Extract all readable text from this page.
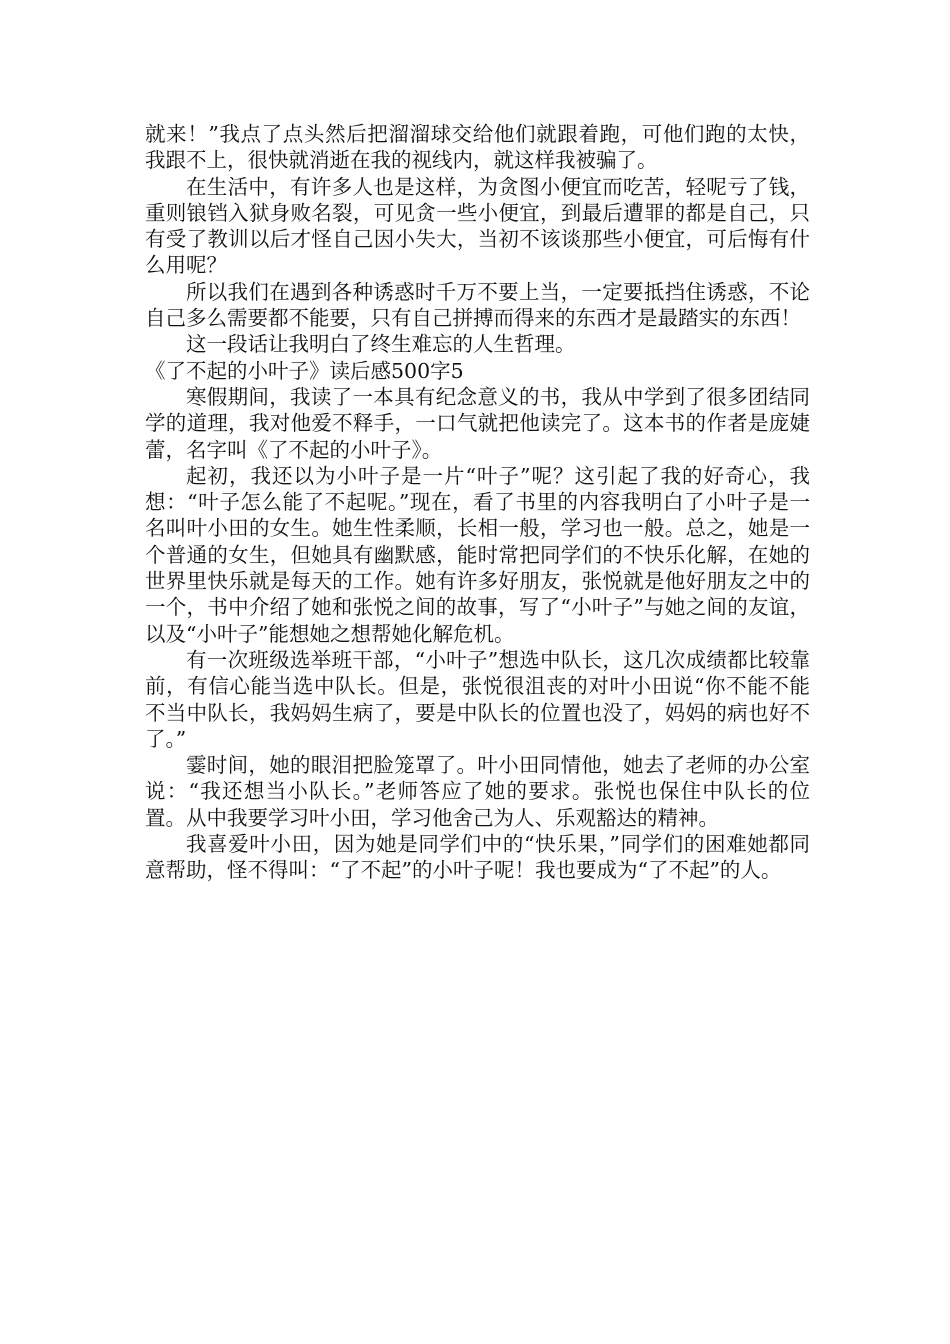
就来！”我点了点头然后把溜溜球交给他们就跟着跑，可他们跑的太快，我跟不上，很快就消逝在我的视线内，就这样我被骗了。

在生活中，有许多人也是这样，为贪图小便宜而吃苦，轻呢亏了钱，重则锒铛入狱身败名裂，可见贪一些小便宜，到最后遭罪的都是自己，只有受了教训以后才怪自己因小失大，当初不该谈那些小便宜，可后悔有什么用呢？

所以我们在遇到各种诱惑时千万不要上当，一定要抵挡住诱惑，不论自己多么需要都不能要，只有自己拼搏而得来的东西才是最踏实的东西！

这一段话让我明白了终生难忘的人生哲理。

《了不起的小叶子》读后感500字5

寒假期间，我读了一本具有纪念意义的书，我从中学到了很多团结同学的道理，我对他爱不释手，一口气就把他读完了。这本书的作者是庞婕蕾，名字叫《了不起的小叶子》。

起初，我还以为小叶子是一片“叶子”呢？这引起了我的好奇心，我想：“叶子怎么能了不起呢。”现在，看了书里的内容我明白了小叶子是一名叫叶小田的女生。她生性柔顺，长相一般，学习也一般。总之，她是一个普通的女生，但她具有幽默感，能时常把同学们的不快乐化解，在她的世界里快乐就是每天的工作。她有许多好朋友，张悦就是他好朋友之中的一个，书中介绍了她和张悦之间的故事，写了“小叶子”与她之间的友谊，以及“小叶子”能想她之想帮她化解危机。

有一次班级选举班干部，“小叶子”想选中队长，这几次成绩都比较靠前，有信心能当选中队长。但是，张悦很沮丧的对叶小田说“你不能不能不当中队长，我妈妈生病了，要是中队长的位置也没了，妈妈的病也好不了。”

霎时间，她的眼泪把脸笼罩了。叶小田同情他，她去了老师的办公室说：“我还想当小队长。”老师答应了她的要求。张悦也保住中队长的位置。从中我要学习叶小田，学习他舍己为人、乐观豁达的精神。

我喜爱叶小田，因为她是同学们中的“快乐果，”同学们的困难她都同意帮助，怪不得叫：“了不起”的小叶子呢！我也要成为“了不起”的人。
